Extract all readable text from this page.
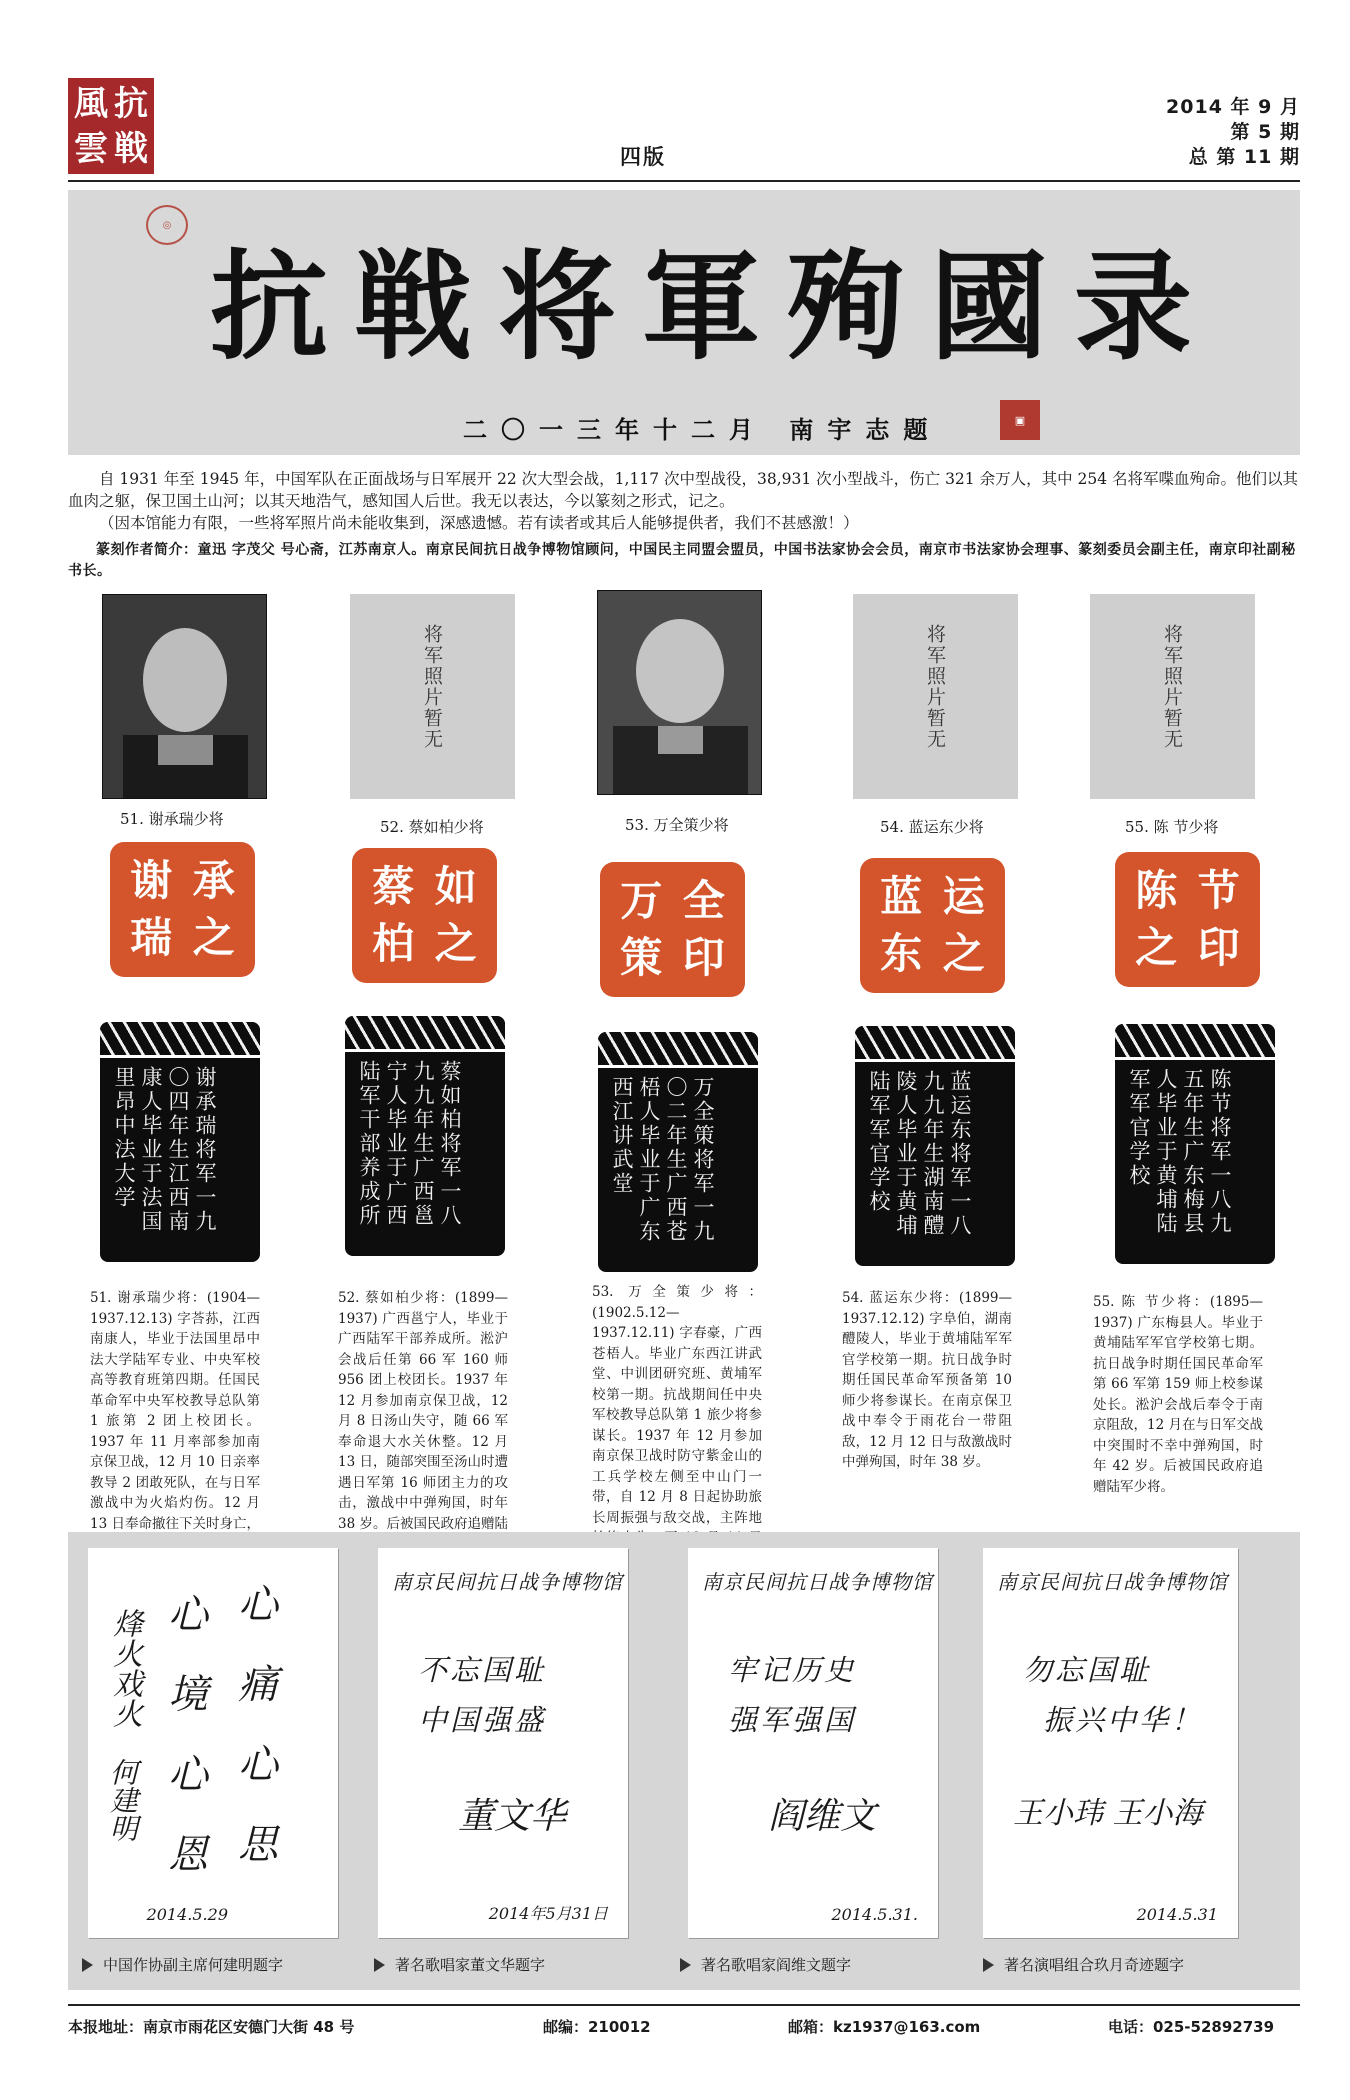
風 抗
雲 戦	四版
2014 年 9 月
第 5 期
总 第 11 期
◎
抗戦将軍殉國录
二〇一三年十二月 南宇志题	▣

自 1931 年至 1945 年，中国军队在正面战场与日军展开 22 次大型会战，1,117 次中型战役，38,931 次小型战斗，伤亡 321 余万人，其中 254 名将军喋血殉命。他们以其血肉之躯，保卫国土山河；以其天地浩气，感知国人后世。我无以表达，今以篆刻之形式，记之。

（因本馆能力有限，一些将军照片尚未能收集到，深感遗憾。若有读者或其后人能够提供者，我们不甚感激！）

篆刻作者简介：童迅 字茂父 号心斋，江苏南京人。南京民间抗日战争博物馆顾问，中国民主同盟会盟员，中国书法家协会会员，南京市书法家协会理事、篆刻委员会副主任，南京印社副秘书长。
51. 谢承瑞少将
谢 承
瑞 之
谢承瑞将军一九〇四年生江西南康人毕业于法国里昂中法大学
51. 谢承瑞少将：(1904—1937.12.13) 字荅荪，江西南康人，毕业于法国里昂中法大学陆军专业、中央军校高等教育班第四期。任国民革命军中央军校教导总队第 1 旅第 2 团上校团长。1937 年 11 月率部参加南京保卫战，12 月 10 日亲率教导 2 团敢死队，在与日军激战中为火焰灼伤。12 月 13 日奉命撤往下关时身亡，
将军照片暂无
52. 蔡如柏少将
蔡 如
柏 之
蔡如柏将军一八九九年生广西邕宁人毕业于广西陆军干部养成所
52. 蔡如柏少将：(1899—1937) 广西邕宁人，毕业于广西陆军干部养成所。淞沪会战后任第 66 军 160 师 956 团上校团长。1937 年 12 月参加南京保卫战，12 月 8 日汤山失守，随 66 军奉命退大水关休整。12 月 13 日，随部突围至汤山时遭遇日军第 16 师团主力的攻击，激战中中弹殉国，时年 38 岁。后被国民政府追赠陆
53. 万全策少将
万 全
策 印
万全策将军一九〇二年生广西苍梧人毕业于广东西江讲武堂
53. 万全策少将：(1902.5.12—1937.12.11) 字春豪，广西苍梧人。毕业广东西江讲武堂、中训团研究班、黄埔军校第一期。抗战期间任中央军校教导总队第 1 旅少将参谋长。1937 年 12 月参加南京保卫战时防守紫金山的工兵学校左侧至中山门一带，自 12 月 8 日起协助旅长周振强与敌交战，主阵地
将军照片暂无
54. 蓝运东少将
蓝 运
东 之
蓝运东将军一八九九年生湖南醴陵人毕业于黄埔陆军军官学校
54. 蓝运东少将：(1899—1937.12.12) 字阜伯，湖南醴陵人，毕业于黄埔陆军军官学校第一期。抗日战争时期任国民革命军预备第 10 师少将参谋长。在南京保卫战中奉令于雨花台一带阻敌，12 月 12 日与敌激战时中弹殉国，时年 38 岁。
将军照片暂无
55. 陈 节少将
陈 节
之 印
陈节将军一八九五年生广东梅县人毕业于黄埔陆军军官学校
55. 陈 节少将：(1895—1937) 广东梅县人。毕业于黄埔陆军军官学校第七期。抗日战争时期任国民革命军第 66 军第 159 师上校参谋处长。淞沪会战后奉令于南京阻敌，12 月在与日军交战中突围时不幸中弹殉国，时年 42 岁。后被国民政府追赠陆军少将。
心
痛
心
思
心
境
心
恩
烽火戏火
何建明
2014.5.29
南京民间抗日战争博物馆
不忘国耻
中国强盛
董文华
2014年5月31日
南京民间抗日战争博物馆
牢记历史
强军强国
阎维文
2014.5.31.
南京民间抗日战争博物馆
勿忘国耻
振兴中华！
王小玮 王小海
2014.5.31
中国作协副主席何建明题字	著名歌唱家董文华题字	著名歌唱家阎维文题字	著名演唱组合玖月奇迹题字
本报地址：南京市雨花区安德门大街 48 号	邮编：210012	邮箱：kz1937@163.com	电话：025-52892739
